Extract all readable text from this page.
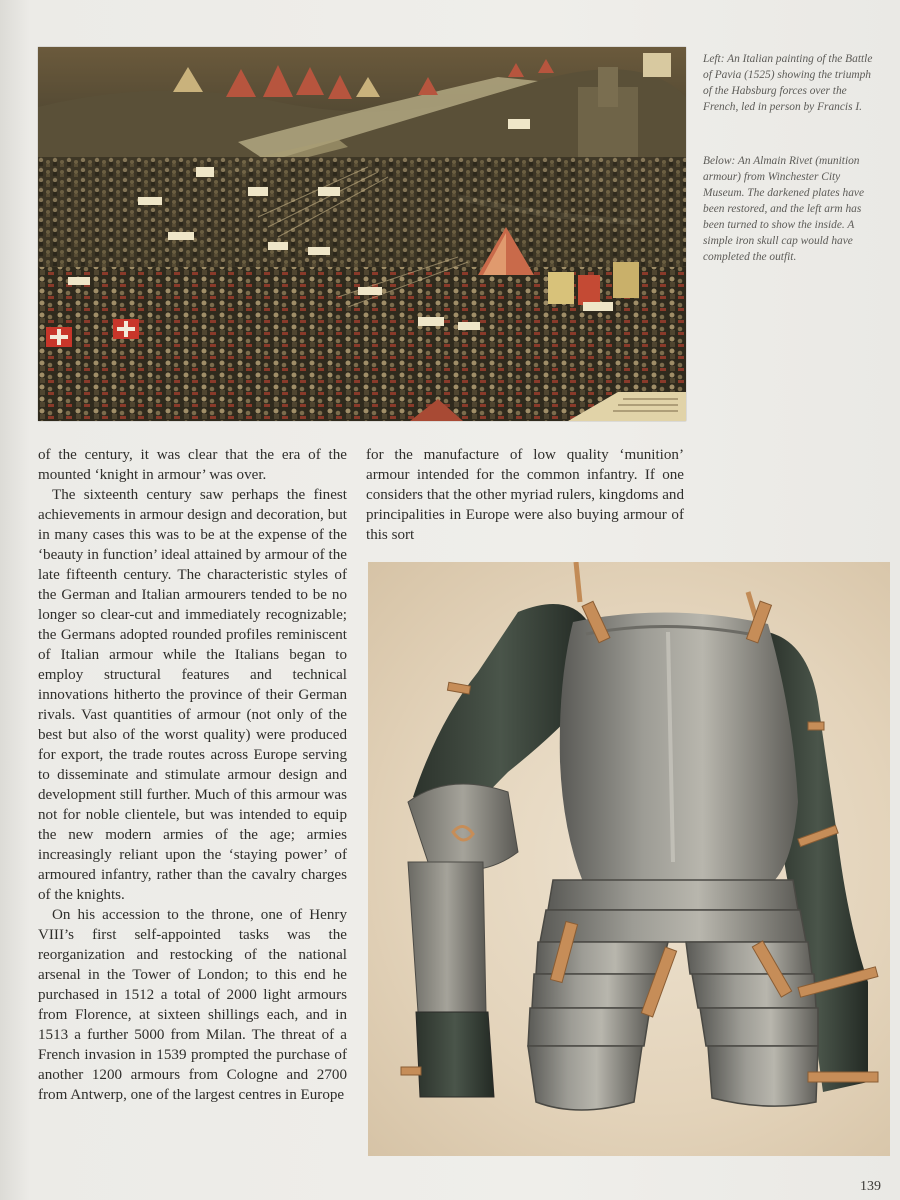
Left: An Italian painting of the Battle of Pavia (1525) showing the triumph of the Habsburg forces over the French, led in person by Francis I.

Below: An Almain Rivet (munition armour) from Winchester City Museum. The darkened plates have been restored, and the left arm has been turned to show the inside. A simple iron skull cap would have completed the outfit.

of the century, it was clear that the era of the mounted ‘knight in armour’ was over.

The sixteenth century saw perhaps the finest achievements in armour design and decoration, but in many cases this was to be at the expense of the ‘beauty in function’ ideal attained by armour of the late fifteenth century. The characteristic styles of the German and Italian armourers tended to be no longer so clear-cut and immediately recognizable; the Germans adopted rounded profiles reminiscent of Italian armour while the Italians began to employ structural features and technical innovations hitherto the province of their German rivals. Vast quantities of armour (not only of the best but also of the worst quality) were produced for export, the trade routes across Europe serving to disseminate and stimulate armour design and development still further. Much of this armour was not for noble clientele, but was intended to equip the new modern armies of the age; armies increasingly reliant upon the ‘staying power’ of armoured infantry, rather than the cavalry charges of the knights.

On his accession to the throne, one of Henry VIII’s first self-appointed tasks was the reorganization and restocking of the national arsenal in the Tower of London; to this end he purchased in 1512 a total of 2000 light armours from Florence, at sixteen shillings each, and in 1513 a further 5000 from Milan. The threat of a French invasion in 1539 prompted the purchase of another 1200 armours from Cologne and 2700 from Antwerp, one of the largest centres in Europe

for the manufacture of low quality ‘munition’ armour intended for the common infantry. If one considers that the other myriad rulers, kingdoms and principalities in Europe were also buying armour of this sort

139
